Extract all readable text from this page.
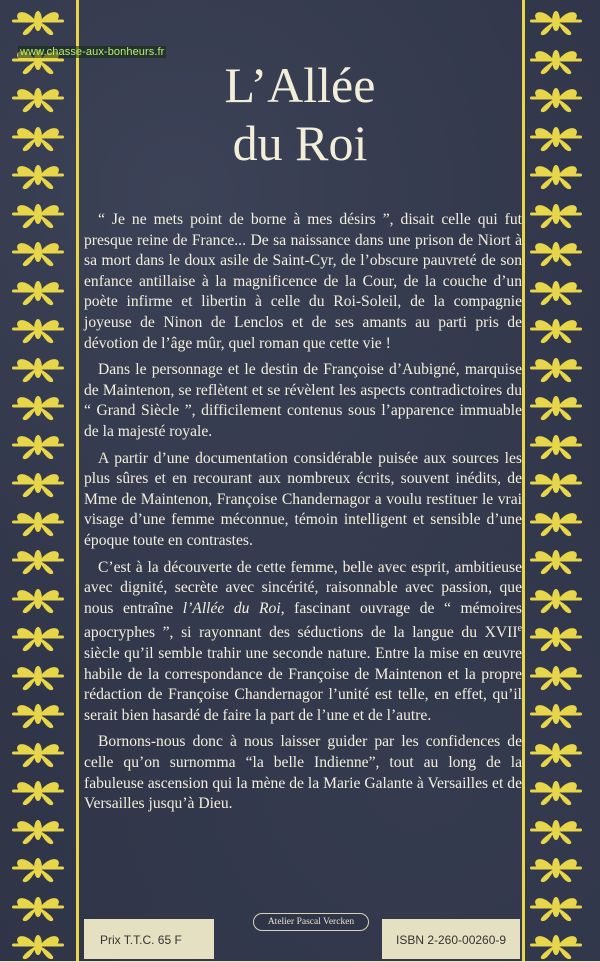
www.chasse-aux-bonheurs.fr
L’Allée
du Roi

“ Je ne mets point de borne à mes désirs ”, disait celle qui fut presque reine de France... De sa naissance dans une prison de Niort à sa mort dans le doux asile de Saint-Cyr, de l’obscure pauvreté de son enfance antillaise à la magnificence de la Cour, de la couche d’un poète infirme et libertin à celle du Roi-Soleil, de la compagnie joyeuse de Ninon de Lenclos et de ses amants au parti pris de dévotion de l’âge mûr, quel roman que cette vie !

Dans le personnage et le destin de Françoise d’Aubigné, marquise de Maintenon, se reflètent et se révèlent les aspects contradictoires du “ Grand Siècle ”, difficilement contenus sous l’apparence immuable de la majesté royale.

A partir d’une documentation considérable puisée aux sources les plus sûres et en recourant aux nombreux écrits, souvent inédits, de Mme de Maintenon, Françoise Chandernagor a voulu restituer le vrai visage d’une femme méconnue, témoin intelligent et sensible d’une époque toute en contrastes.

C’est à la découverte de cette femme, belle avec esprit, ambitieuse avec dignité, secrète avec sincérité, raisonnable avec passion, que nous entraîne l’Allée du Roi, fascinant ouvrage de “ mémoires apocryphes ”, si rayonnant des séductions de la langue du XVIIe siècle qu’il semble trahir une seconde nature. Entre la mise en œuvre habile de la correspondance de Françoise de Maintenon et la propre rédaction de Françoise Chandernagor l’unité est telle, en effet, qu’il serait bien hasardé de faire la part de l’une et de l’autre.

Bornons-nous donc à nous laisser guider par les confidences de celle qu’on surnomma “la belle Indienne”, tout au long de la fabuleuse ascension qui la mène de la Marie Galante à Versailles et de Versailles jusqu’à Dieu.

Atelier Pascal Vercken
Prix T.T.C. 65 F	ISBN 2-260-00260-9
